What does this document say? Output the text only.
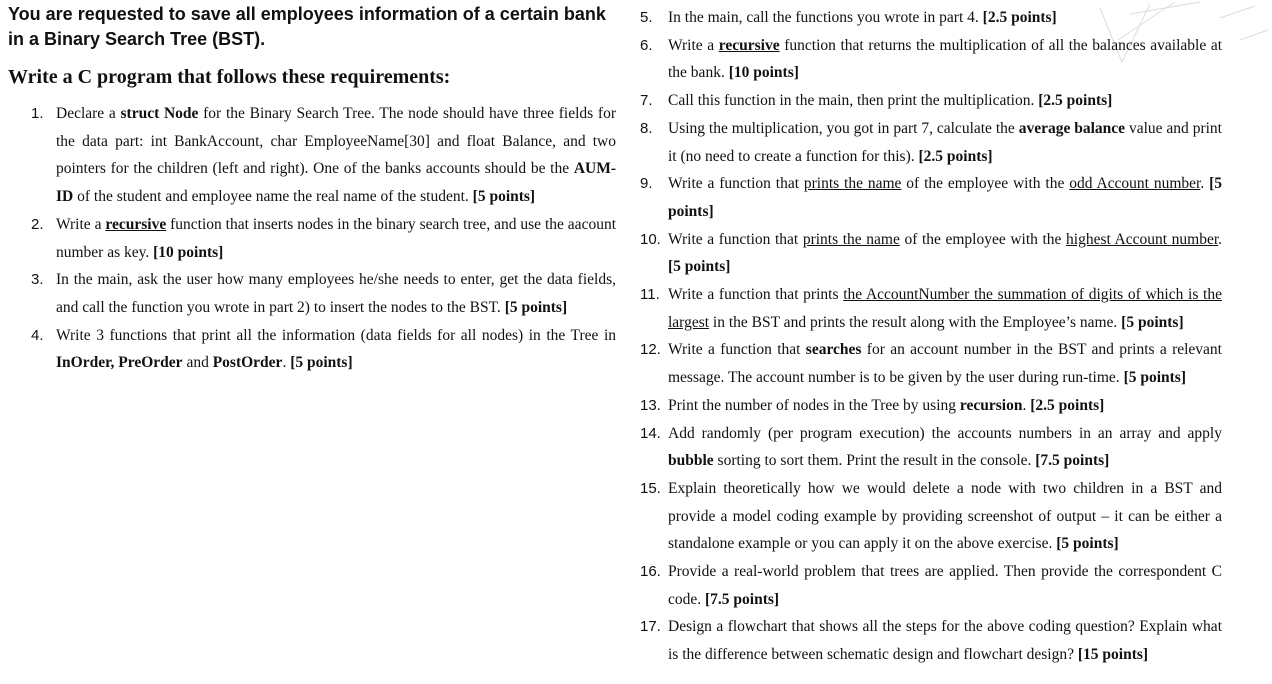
You are requested to save all employees information of a certain bank in a Binary Search Tree (BST).
Write a C program that follows these requirements:
1. Declare a struct Node for the Binary Search Tree. The node should have three fields for the data part: int BankAccount, char EmployeeName[30] and float Balance, and two pointers for the children (left and right). One of the banks accounts should be the AUM-ID of the student and employee name the real name of the student. [5 points]
2. Write a recursive function that inserts nodes in the binary search tree, and use the aacount number as key. [10 points]
3. In the main, ask the user how many employees he/she needs to enter, get the data fields, and call the function you wrote in part 2) to insert the nodes to the BST. [5 points]
4. Write 3 functions that print all the information (data fields for all nodes) in the Tree in InOrder, PreOrder and PostOrder. [5 points]
5. In the main, call the functions you wrote in part 4. [2.5 points]
6. Write a recursive function that returns the multiplication of all the balances available at the bank. [10 points]
7. Call this function in the main, then print the multiplication. [2.5 points]
8. Using the multiplication, you got in part 7, calculate the average balance value and print it (no need to create a function for this). [2.5 points]
9. Write a function that prints the name of the employee with the odd Account number. [5 points]
10. Write a function that prints the name of the employee with the highest Account number. [5 points]
11. Write a function that prints the AccountNumber the summation of digits of which is the largest in the BST and prints the result along with the Employee’s name. [5 points]
12. Write a function that searches for an account number in the BST and prints a relevant message. The account number is to be given by the user during run-time. [5 points]
13. Print the number of nodes in the Tree by using recursion. [2.5 points]
14. Add randomly (per program execution) the accounts numbers in an array and apply bubble sorting to sort them. Print the result in the console. [7.5 points]
15. Explain theoretically how we would delete a node with two children in a BST and provide a model coding example by providing screenshot of output – it can be either a standalone example or you can apply it on the above exercise. [5 points]
16. Provide a real-world problem that trees are applied. Then provide the correspondent C code. [7.5 points]
17. Design a flowchart that shows all the steps for the above coding question? Explain what is the difference between schematic design and flowchart design? [15 points]
